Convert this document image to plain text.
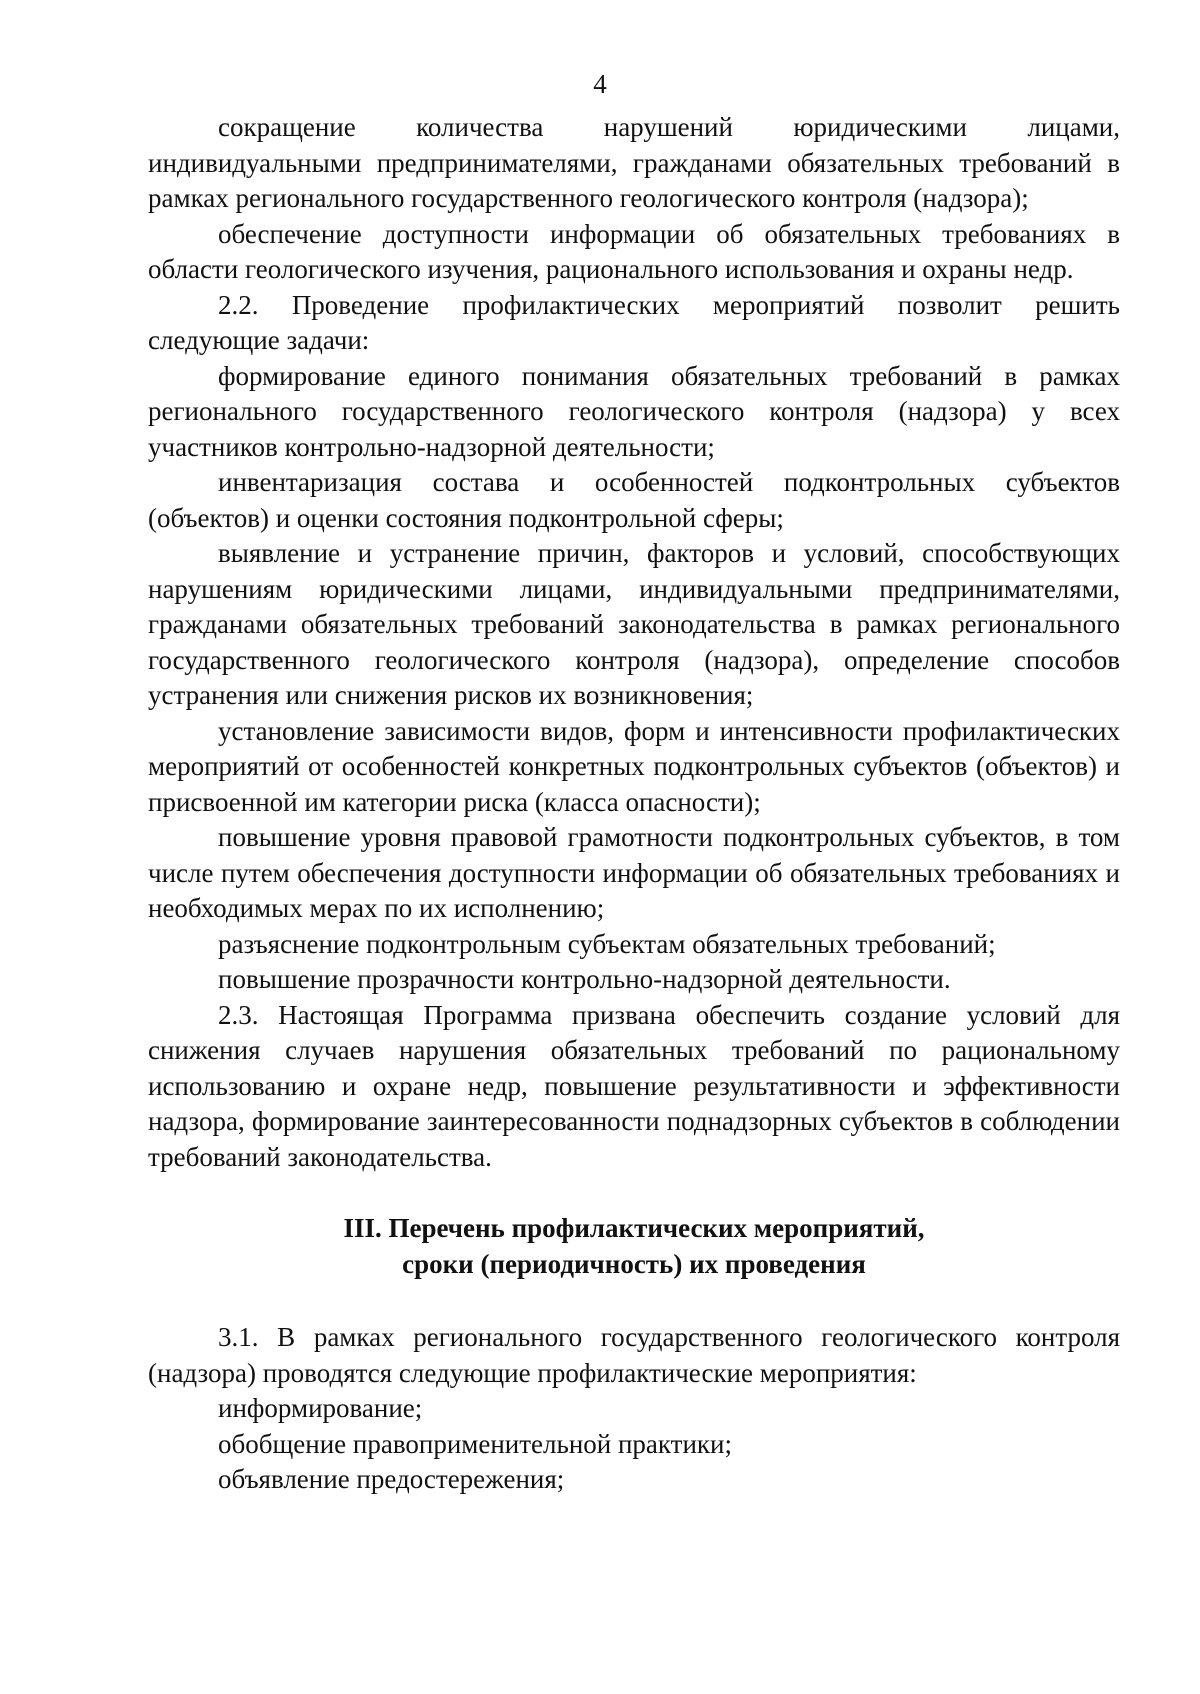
4

сокращение количества нарушений юридическими лицами, индивидуальными предпринимателями, гражданами обязательных требований в рамках регионального государственного геологического контроля (надзора);

обеспечение доступности информации об обязательных требованиях в области геологического изучения, рационального использования и охраны недр.

2.2. Проведение профилактических мероприятий позволит решить следующие задачи:

формирование единого понимания обязательных требований в рамках регионального государственного геологического контроля (надзора) у всех участников контрольно-надзорной деятельности;

инвентаризация состава и особенностей подконтрольных субъектов (объектов) и оценки состояния подконтрольной сферы;

выявление и устранение причин, факторов и условий, способствующих нарушениям юридическими лицами, индивидуальными предпринимателями, гражданами обязательных требований законодательства в рамках регионального государственного геологического контроля (надзора), определение способов устранения или снижения рисков их возникновения;

установление зависимости видов, форм и интенсивности профилактических мероприятий от особенностей конкретных подконтрольных субъектов (объектов) и присвоенной им категории риска (класса опасности);

повышение уровня правовой грамотности подконтрольных субъектов, в том числе путем обеспечения доступности информации об обязательных требованиях и необходимых мерах по их исполнению;

разъяснение подконтрольным субъектам обязательных требований;

повышение прозрачности контрольно-надзорной деятельности.

2.3. Настоящая Программа призвана обеспечить создание условий для снижения случаев нарушения обязательных требований по рациональному использованию и охране недр, повышение результативности и эффективности надзора, формирование заинтересованности поднадзорных субъектов в соблюдении требований законодательства.

III. Перечень профилактических мероприятий,
сроки (периодичность) их проведения

3.1. В рамках регионального государственного геологического контроля (надзора) проводятся следующие профилактические мероприятия:

информирование;

обобщение правоприменительной практики;

объявление предостережения;
